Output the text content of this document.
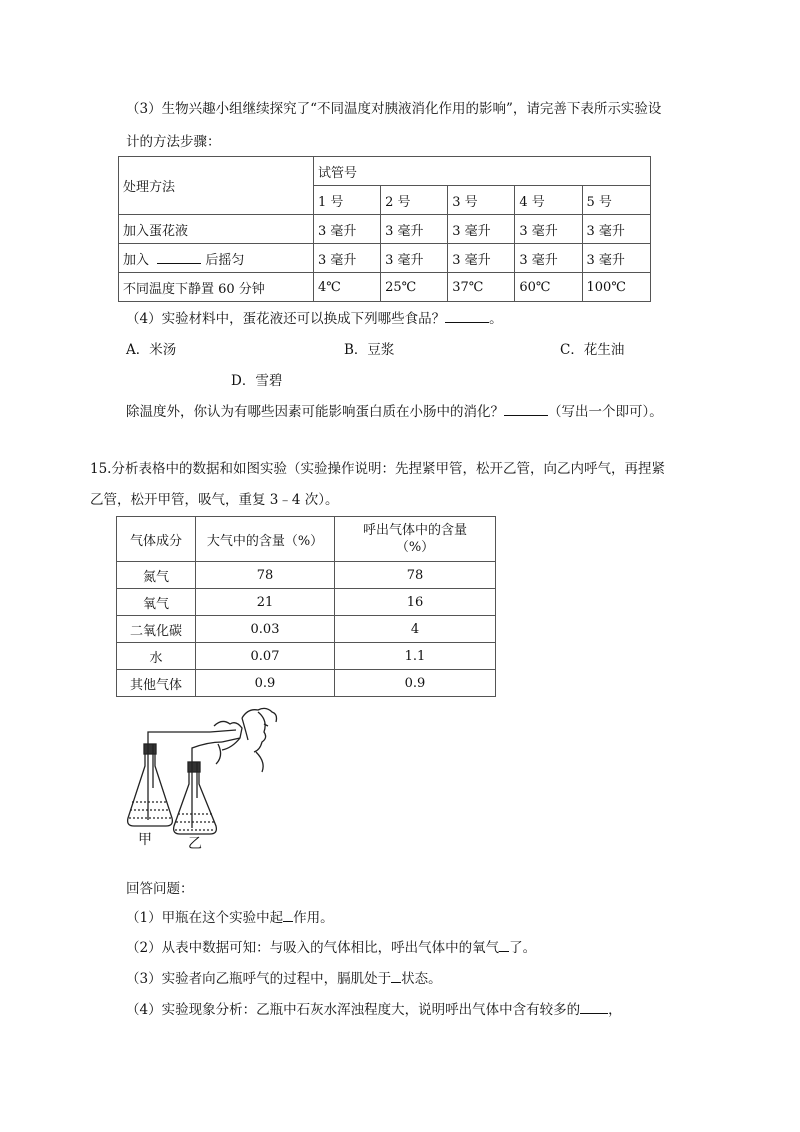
（3）生物兴趣小组继续探究了“不同温度对胰液消化作用的影响”，请完善下表所示实验设
计的方法步骤：
处理方法	试管号				
	1 号	2 号	3 号	4 号	5 号
加入蛋花液	3 毫升	3 毫升	3 毫升	3 毫升	3 毫升
加入 后摇匀	3 毫升	3 毫升	3 毫升	3 毫升	3 毫升
不同温度下静置 60 分钟	4℃	25℃	37℃	60℃	100℃
（4）实验材料中，蛋花液还可以换成下列哪些食品？	。
A．米汤	B．豆浆	C．花生油
D．雪碧
除温度外，你认为有哪些因素可能影响蛋白质在小肠中的消化？	（写出一个即可）。
15.分析表格中的数据和如图实验（实验操作说明：先捏紧甲管，松开乙管，向乙内呼气，再捏紧
乙管，松开甲管，吸气，重复 3﹣4 次）。
气体成分	大气中的含量（%）	呼出气体中的含量
（%）

氮气	78	78
氧气	21	16
二氧化碳	0.03	4
水	0.07	1.1
其他气体	0.9	0.9
甲	乙
回答问题：
（1）甲瓶在这个实验中起 作用。
（2）从表中数据可知：与吸入的气体相比，呼出气体中的氧气 了。
（3）实验者向乙瓶呼气的过程中，膈肌处于 状态。
（4）实验现象分析：乙瓶中石灰水浑浊程度大，说明呼出气体中含有较多的 ，
